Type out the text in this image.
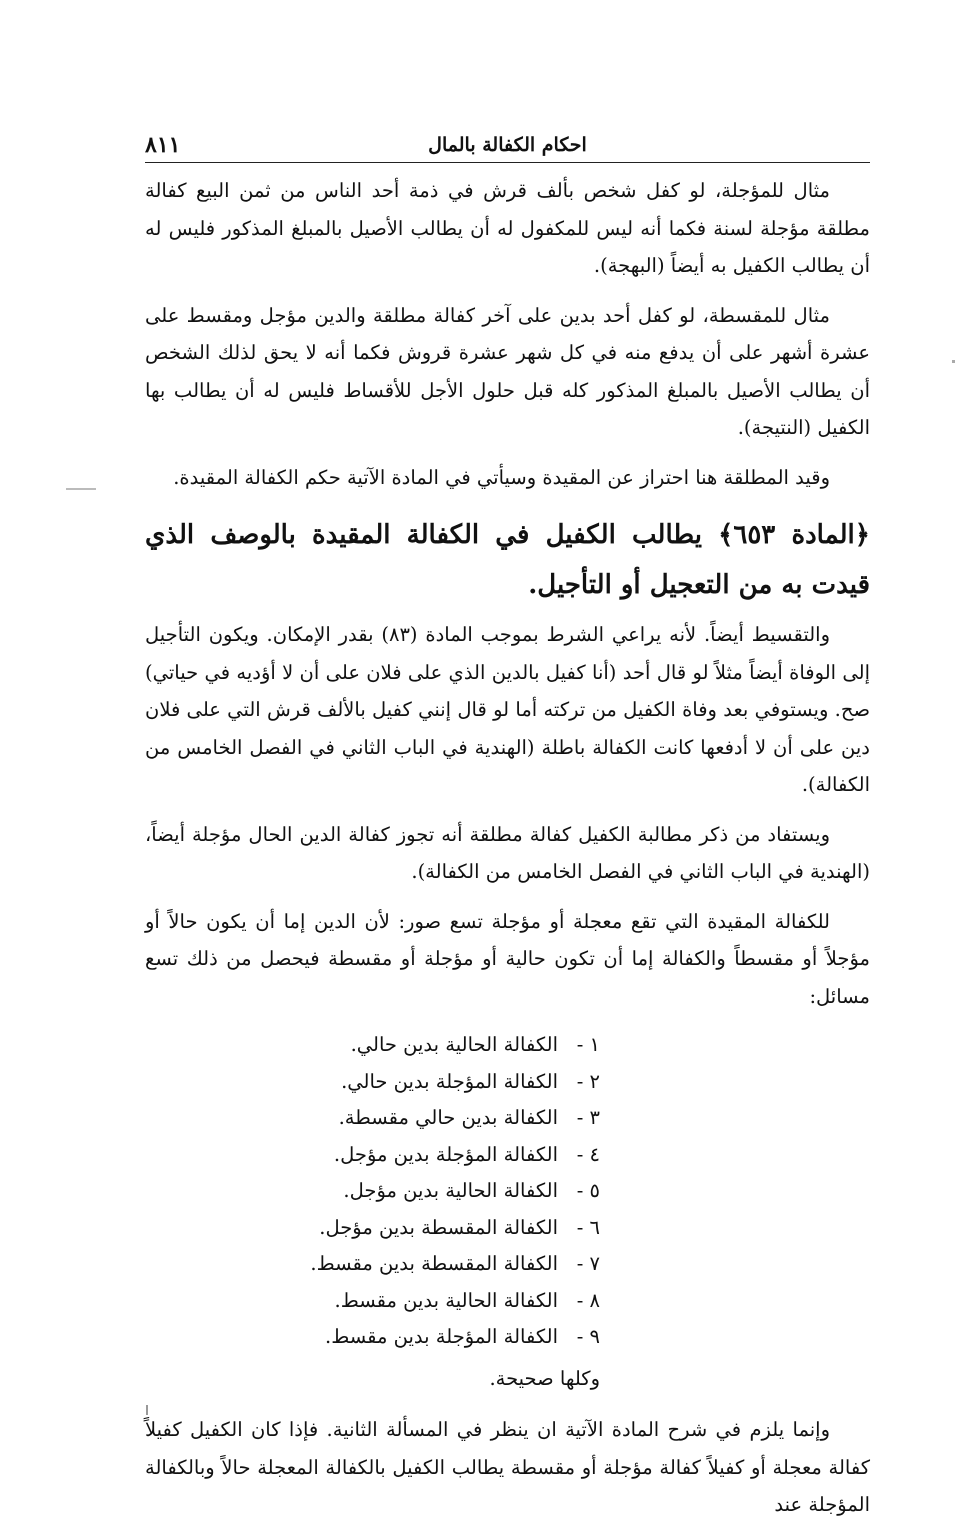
احكام الكفالة بالمال
٨١١

مثال للمؤجلة، لو كفل شخص بألف قرش في ذمة أحد الناس من ثمن البيع كفالة مطلقة مؤجلة لسنة فكما أنه ليس للمكفول له أن يطالب الأصيل بالمبلغ المذكور فليس له أن يطالب الكفيل به أيضاً (البهجة).

مثال للمقسطة، لو كفل أحد بدين على آخر كفالة مطلقة والدين مؤجل ومقسط على عشرة أشهر على أن يدفع منه في كل شهر عشرة قروش فكما أنه لا يحق لذلك الشخص أن يطالب الأصيل بالمبلغ المذكور كله قبل حلول الأجل للأقساط فليس له أن يطالب بها الكفيل (النتيجة).

وقيد المطلقة هنا احتراز عن المقيدة وسيأتي في المادة الآتية حكم الكفالة المقيدة.

﴿المادة ٦٥٣﴾ يطالب الكفيل في الكفالة المقيدة بالوصف الذي قيدت به من التعجيل أو التأجيل.

والتقسيط أيضاً. لأنه يراعي الشرط بموجب المادة (٨٣) بقدر الإمكان. ويكون التأجيل إلى الوفاة أيضاً مثلاً لو قال أحد (أنا كفيل بالدين الذي على فلان على أن لا أؤديه في حياتي) صح. ويستوفي بعد وفاة الكفيل من تركته أما لو قال إنني كفيل بالألف قرش التي على فلان دين على أن لا أدفعها كانت الكفالة باطلة (الهندية في الباب الثاني في الفصل الخامس من الكفالة).

ويستفاد من ذكر مطالبة الكفيل كفالة مطلقة أنه تجوز كفالة الدين الحال مؤجلة أيضاً، (الهندية في الباب الثاني في الفصل الخامس من الكفالة).

للكفالة المقيدة التي تقع معجلة أو مؤجلة تسع صور: لأن الدين إما أن يكون حالاً أو مؤجلاً أو مقسطاً والكفالة إما أن تكون حالية أو مؤجلة أو مقسطة فيحصل من ذلك تسع مسائل:

١ -الكفالة الحالية بدين حالي.
٢ -الكفالة المؤجلة بدين حالي.
٣ -الكفالة بدين حالي مقسطة.
٤ -الكفالة المؤجلة بدين مؤجل.
٥ -الكفالة الحالية بدين مؤجل.
٦ -الكفالة المقسطة بدين مؤجل.
٧ -الكفالة المقسطة بدين مقسط.
٨ -الكفالة الحالية بدين مقسط.
٩ -الكفالة المؤجلة بدين مقسط.

وكلها صحيحة.

وإنما يلزم في شرح المادة الآتية ان ينظر في المسألة الثانية. فإذا كان الكفيل كفيلاً كفالة معجلة أو كفيلاً كفالة مؤجلة أو مقسطة يطالب الكفيل بالكفالة المعجلة حالاً وبالكفالة المؤجلة عند
